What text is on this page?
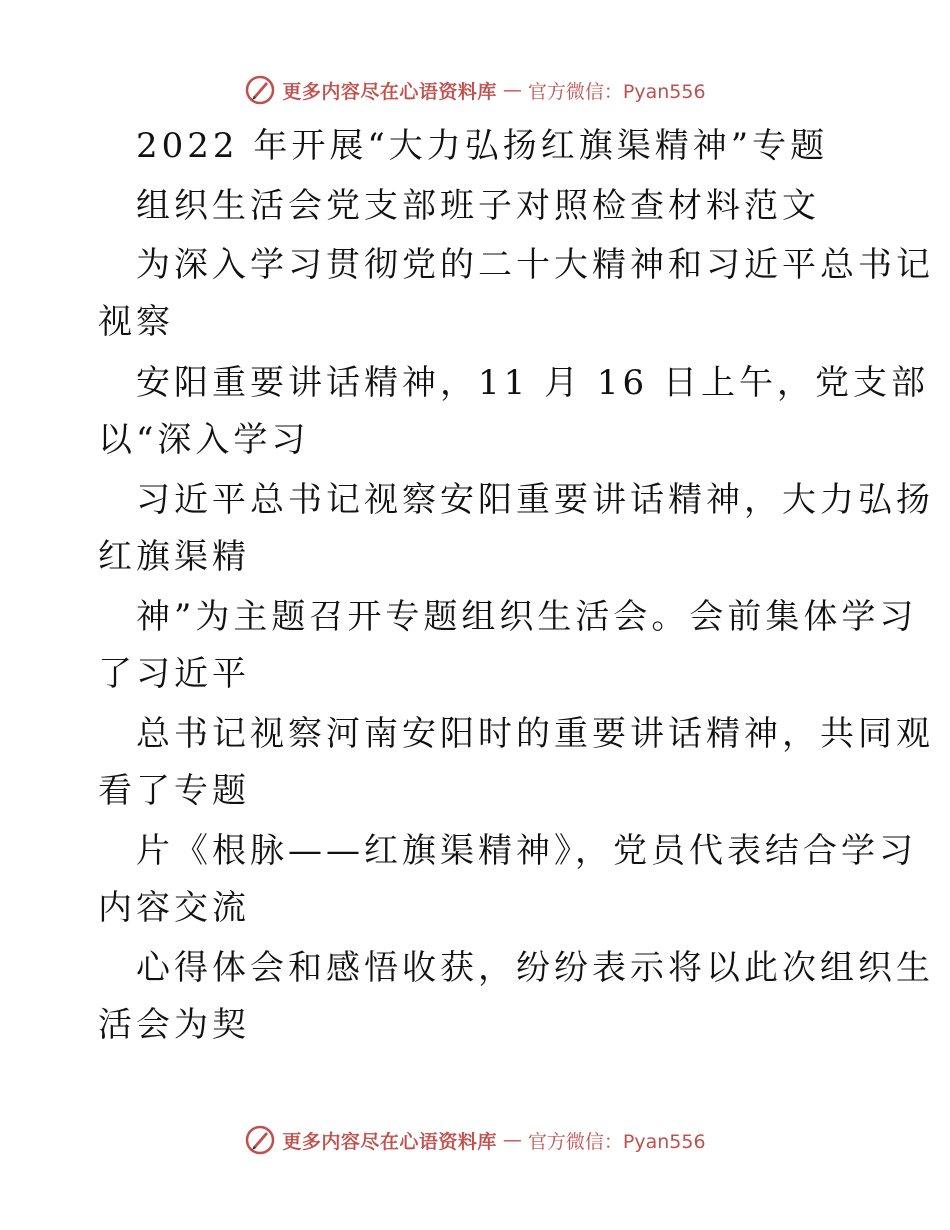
更多内容尽在心语资料库 — 官方微信：Pyan556
2022 年开展“大力弘扬红旗渠精神”专题
组织生活会党支部班子对照检查材料范文
为深入学习贯彻党的二十大精神和习近平总书记
视察
安阳重要讲话精神，11 月 16 日上午，党支部
以“深入学习
习近平总书记视察安阳重要讲话精神，大力弘扬
红旗渠精
神”为主题召开专题组织生活会。会前集体学习
了习近平
总书记视察河南安阳时的重要讲话精神，共同观
看了专题
片《根脉——红旗渠精神》，党员代表结合学习
内容交流
心得体会和感悟收获，纷纷表示将以此次组织生
活会为契
更多内容尽在心语资料库 — 官方微信：Pyan556
